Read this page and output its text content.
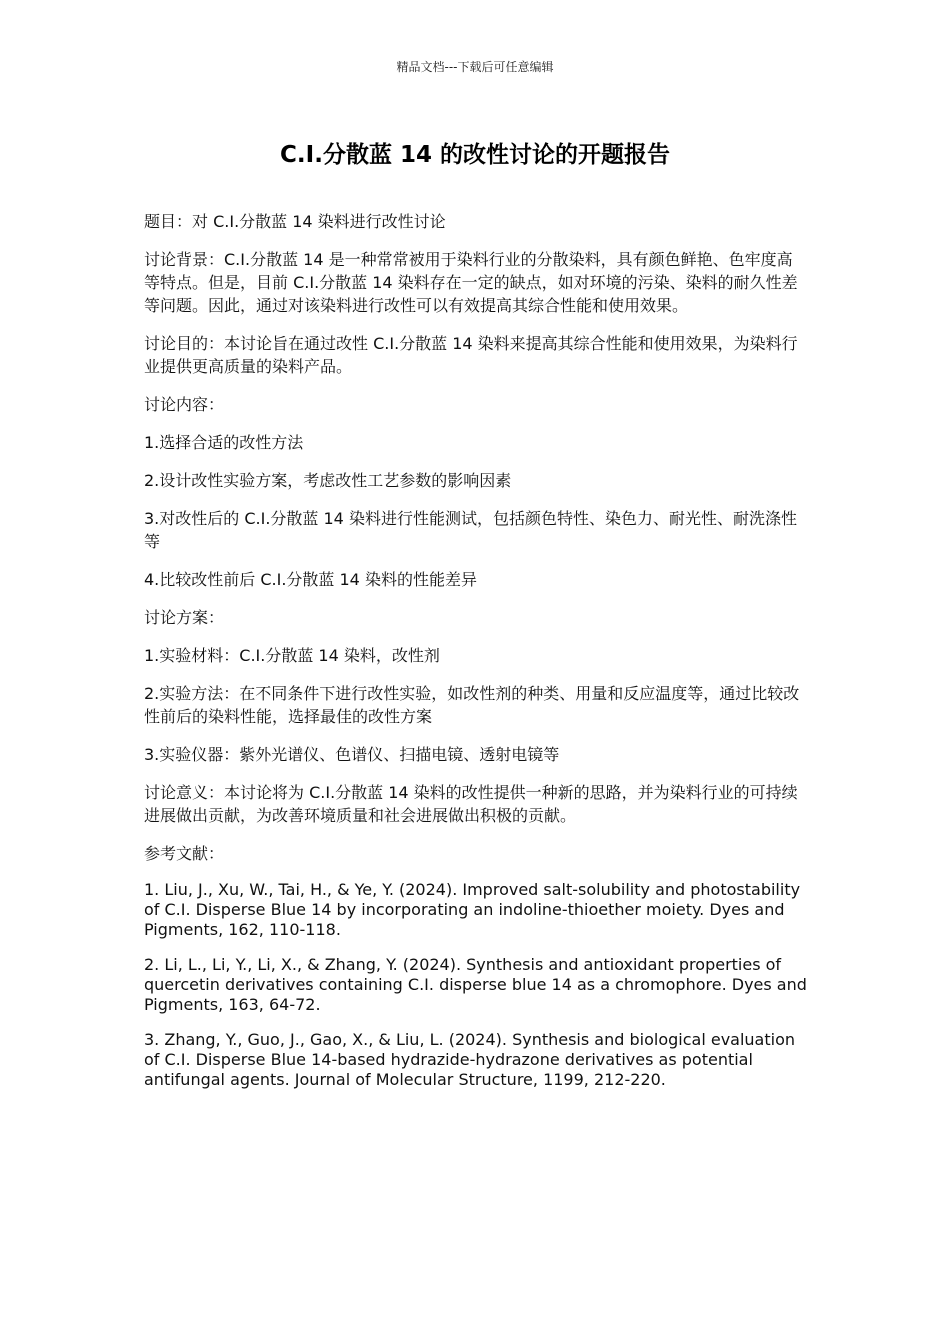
精品文档---下载后可任意编辑
C.I.分散蓝 14 的改性讨论的开题报告

题目：对 C.I.分散蓝 14 染料进行改性讨论

讨论背景：C.I.分散蓝 14 是一种常常被用于染料行业的分散染料，具有颜色鲜艳、色牢度高等特点。但是，目前 C.I.分散蓝 14 染料存在一定的缺点，如对环境的污染、染料的耐久性差等问题。因此，通过对该染料进行改性可以有效提高其综合性能和使用效果。

讨论目的：本讨论旨在通过改性 C.I.分散蓝 14 染料来提高其综合性能和使用效果，为染料行业提供更高质量的染料产品。

讨论内容：

1.选择合适的改性方法

2.设计改性实验方案，考虑改性工艺参数的影响因素

3.对改性后的 C.I.分散蓝 14 染料进行性能测试，包括颜色特性、染色力、耐光性、耐洗涤性等

4.比较改性前后 C.I.分散蓝 14 染料的性能差异

讨论方案：

1.实验材料：C.I.分散蓝 14 染料，改性剂

2.实验方法：在不同条件下进行改性实验，如改性剂的种类、用量和反应温度等，通过比较改性前后的染料性能，选择最佳的改性方案

3.实验仪器：紫外光谱仪、色谱仪、扫描电镜、透射电镜等

讨论意义：本讨论将为 C.I.分散蓝 14 染料的改性提供一种新的思路，并为染料行业的可持续进展做出贡献，为改善环境质量和社会进展做出积极的贡献。

参考文献：

1. Liu, J., Xu, W., Tai, H., & Ye, Y. (2024). Improved salt-solubility and photostability of C.I. Disperse Blue 14 by incorporating an indoline-thioether moiety. Dyes and Pigments, 162, 110-118.

2. Li, L., Li, Y., Li, X., & Zhang, Y. (2024). Synthesis and antioxidant properties of quercetin derivatives containing C.I. disperse blue 14 as a chromophore. Dyes and Pigments, 163, 64-72.

3. Zhang, Y., Guo, J., Gao, X., & Liu, L. (2024). Synthesis and biological evaluation of C.I. Disperse Blue 14-based hydrazide-hydrazone derivatives as potential antifungal agents. Journal of Molecular Structure, 1199, 212-220.
